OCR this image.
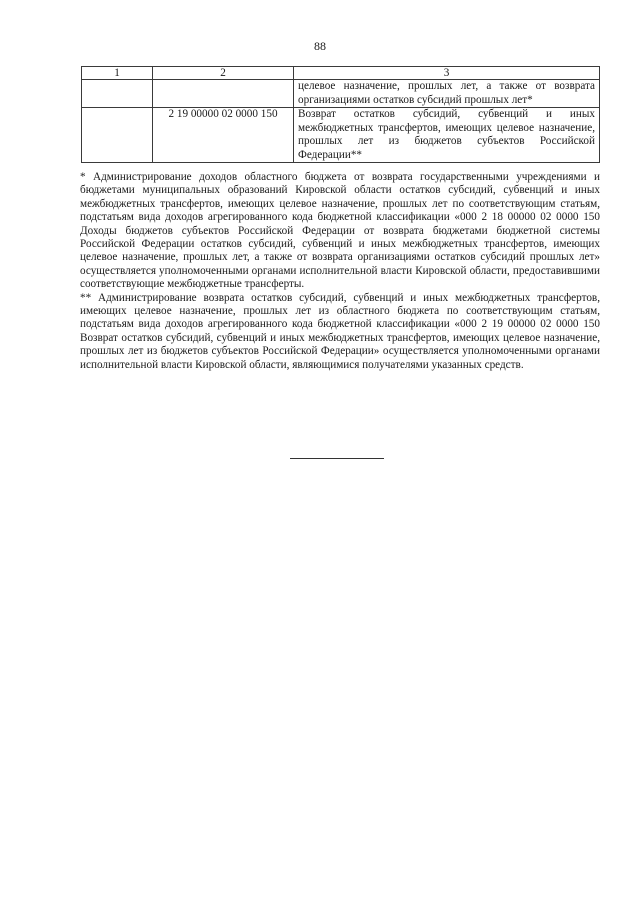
88
1	2	3
		целевое назначение, прошлых лет, а также от возврата организациями остатков субсидий прошлых лет*
	2 19 00000 02 0000 150	Возврат остатков субсидий, субвенций и иных межбюджетных трансфертов, имеющих целевое назначение, прошлых лет из бюджетов субъектов Российской Федерации**

* Администрирование доходов областного бюджета от возврата государственными учреждениями и бюджетами муниципальных образований Кировской области остатков субсидий, субвенций и иных межбюджетных трансфертов, имеющих целевое назначение, прошлых лет по соответствующим статьям, подстатьям вида доходов агрегированного кода бюджетной классификации «000 2 18 00000 02 0000 150 Доходы бюджетов субъектов Российской Федерации от возврата бюджетами бюджетной системы Российской Федерации остатков субсидий, субвенций и иных межбюджетных трансфертов, имеющих целевое назначение, прошлых лет, а также от возврата организациями остатков субсидий прошлых лет» осуществляется уполномоченными органами исполнительной власти Кировской области, предоставившими соответствующие межбюджетные трансферты.

** Администрирование возврата остатков субсидий, субвенций и иных межбюджетных трансфертов, имеющих целевое назначение, прошлых лет из областного бюджета по соответствующим статьям, подстатьям вида доходов агрегированного кода бюджетной классификации «000 2 19 00000 02 0000 150 Возврат остатков субсидий, субвенций и иных межбюджетных трансфертов, имеющих целевое назначение, прошлых лет из бюджетов субъектов Российской Федерации» осуществляется уполномоченными органами исполнительной власти Кировской области, являющимися получателями указанных средств.
